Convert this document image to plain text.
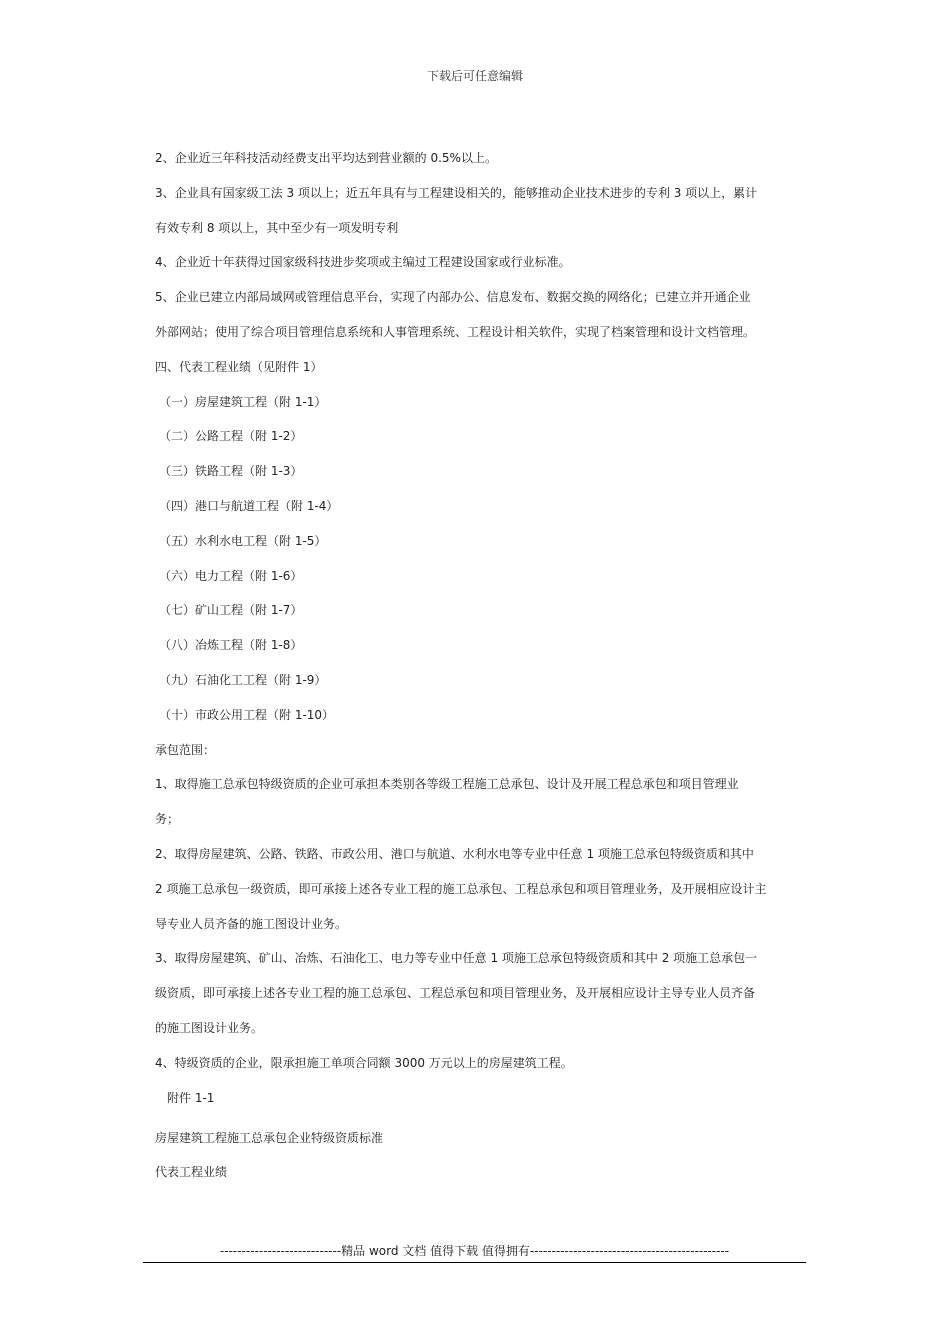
下载后可任意编辑
2、企业近三年科技活动经费支出平均达到营业额的 0.5%以上。
3、企业具有国家级工法 3 项以上；近五年具有与工程建设相关的，能够推动企业技术进步的专利 3 项以上，累计
有效专利 8 项以上，其中至少有一项发明专利
4、企业近十年获得过国家级科技进步奖项或主编过工程建设国家或行业标准。
5、企业已建立内部局域网或管理信息平台，实现了内部办公、信息发布、数据交换的网络化；已建立并开通企业
外部网站；使用了综合项目管理信息系统和人事管理系统、工程设计相关软件，实现了档案管理和设计文档管理。
四、代表工程业绩（见附件 1）
（一）房屋建筑工程（附 1-1）
（二）公路工程（附 1-2）
（三）铁路工程（附 1-3）
（四）港口与航道工程（附 1-4）
（五）水利水电工程（附 1-5）
（六）电力工程（附 1-6）
（七）矿山工程（附 1-7）
（八）冶炼工程（附 1-8）
（九）石油化工工程（附 1-9）
（十）市政公用工程（附 1-10）
承包范围：
1、取得施工总承包特级资质的企业可承担本类别各等级工程施工总承包、设计及开展工程总承包和项目管理业
务；
2、取得房屋建筑、公路、铁路、市政公用、港口与航道、水利水电等专业中任意 1 项施工总承包特级资质和其中
2 项施工总承包一级资质，即可承接上述各专业工程的施工总承包、工程总承包和项目管理业务，及开展相应设计主
导专业人员齐备的施工图设计业务。
3、取得房屋建筑、矿山、冶炼、石油化工、电力等专业中任意 1 项施工总承包特级资质和其中 2 项施工总承包一
级资质，即可承接上述各专业工程的施工总承包、工程总承包和项目管理业务，及开展相应设计主导专业人员齐备
的施工图设计业务。
4、特级资质的企业，限承担施工单项合同额 3000 万元以上的房屋建筑工程。
附件 1-1
房屋建筑工程施工总承包企业特级资质标准
代表工程业绩
----------------------------精品 word 文档 值得下载 值得拥有----------------------------------------------
